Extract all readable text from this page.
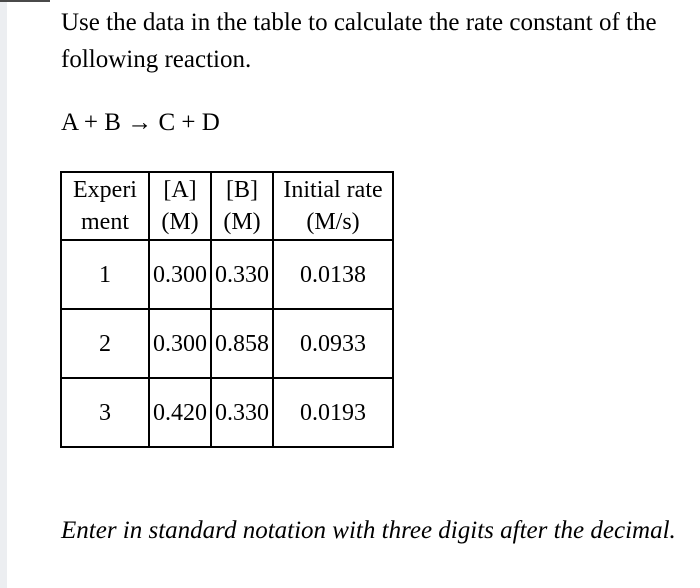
Use the data in the table to calculate the rate constant of the following reaction.
A + B → C + D
Experiment	[A] (M)	[B] (M)	Initial rate (M/s)

1	0.300	0.330	0.0138
2	0.300	0.858	0.0933
3	0.420	0.330	0.0193
Enter in standard notation with three digits after the decimal.
